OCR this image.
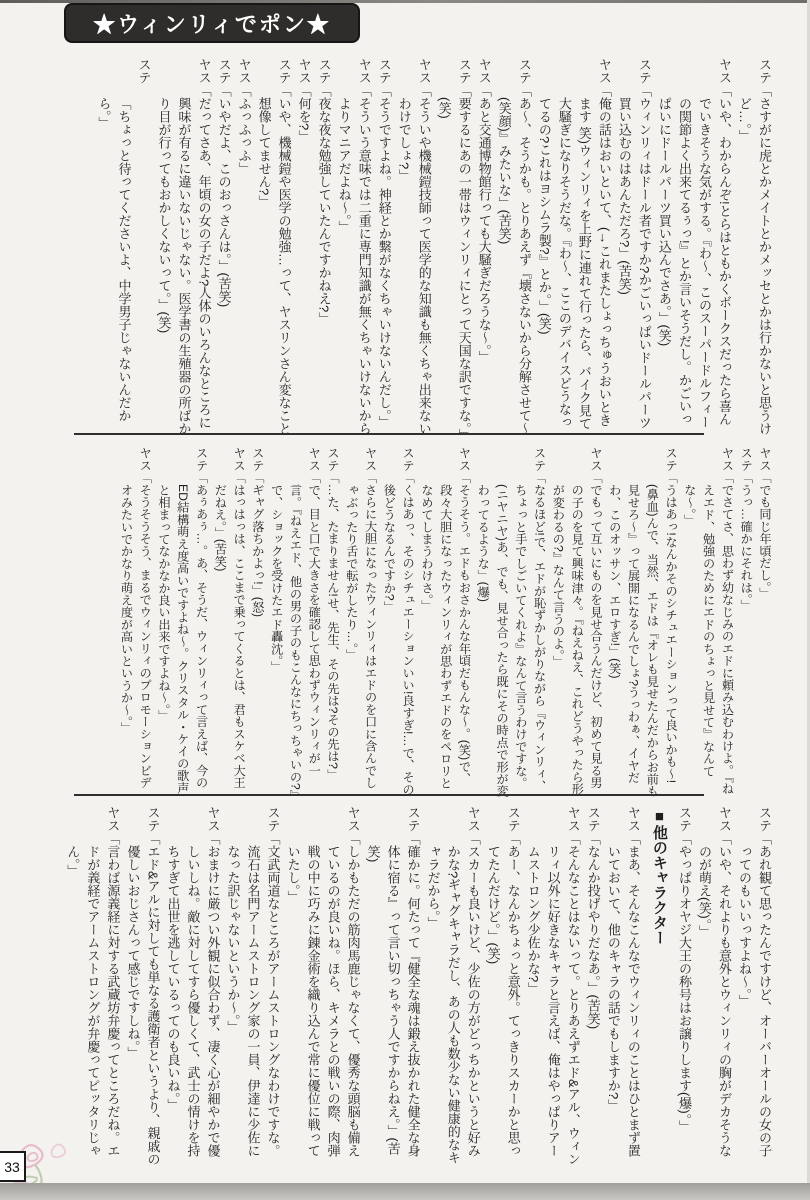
★ウィンリィでポン★
ステ「さすがに虎とかメイトとかメッセとかは行かないと思うけど…。」
ヤス「いや、わからんぞ!とらはともかくボークスだったら喜んでいきそうな気がする。『わ〜、このスーパードルフィーの関節よく出来てるぅっ!』とか言いそうだし。かごいっぱいにドールパーツ買い込んでさあ。」(笑)
ステ「ウィンリィはドール者ですか?かごいっぱいドールパーツ買い込むのはあんただろ?」(苦笑)
ヤス「俺の話はおいといて、(→これまたしょっちゅうおいときます 笑)ウィンリィを上野に連れて行ったら、バイク見て大騒ぎになりそうだな。『わ〜、ここのデバイスどうなってるの?これはヨシムラ製?』とか。」(笑)
ステ「あ〜、そうかも。とりあえず『壊さないから分解させて〜(笑顔)』みたいな」(苦笑)
ヤス「あと交通博物館行っても大騒ぎだろうな〜。」
ステ「要するにあの一帯はウィンリィにとって天国な訳ですな。」(笑)
ヤス「そういや機械鎧技師って医学的な知識も無くちゃ出来ないわけでしょ?」
ステ「そうですよね。神経とか繋がなくちゃいけないんだし。」
ヤス「そういう意味では二重に専門知識が無くちゃいけないからよりマニアだよね〜。」
ステ「夜な夜な勉強していたんですかねえ?」
ヤス「何を?」
ステ「いや、機械鎧や医学の勉強…って、ヤスリンさん変なこと想像してません?」
ヤス「ふっふっふ」
ステ「いやだよ、このおっさんは。」(苦笑)
ヤス「だってさあ、年頃の女の子だよ?人体のいろんなところに興味が有るに違いないじゃない。医学書の生殖器の所ばかり目が行ってもおかしくないって。」(笑)
ステ「ちょっと待ってくださいよ、中学男子じゃないんだから。」
ヤス「でも同じ年頃だし。」
ステ「うっ…確かにそれは。」
ヤス「でさてさ、思わず幼なじみのエドに頼み込むわけよ。『ねえエド、勉強のためにエドのちょっと見せて』なんてな〜。」
ステ「うはあっ!なんかそのシチュエーションって良いかも〜!(鼻血)んで、当然、エドは『オレも見せたんだからお前も見せろ〜』って展開になるんでしょ?うっわぁ、イヤだわ、このオッサン、エロすぎ!」(笑)
ヤス「でもって互いにものを見せ合うんだけど、初めて見る男の子のを見て興味津々。『ねえねえ、これどうやったら形が変わるの?』なんて言うのよ。」
ステ「なるほど!で、エドが恥ずかしがりながら『ウィンリィ、ちょっと手でしごいてくれよ』なんて言うわけですな。(ニヤニヤ)あ、でも、見せ合ったら既にその時点で形が変わってるような」(爆)
ヤス「そうそう。エドもおさかんな年頃だもんな〜。(笑)で、段々大胆になったウィンリィが思わずエドのをペロリとなめてしまうわけさ。」
ステ「くはあっ、そのシチュエーションいい!良すぎ!…で、その後どうなるんですか?」
ヤス「さらに大胆になったウィンリィはエドのを口に含んでしゃぶったり舌で転がしたり…。」
ステ「…た、たまりません!せ、先生、その先は?その先は?」
ヤス「で、目と口で大きさを確認して思わずウィンリィが一言。『ねえエド、他の男の子のもこんなにちっちゃいの?』で、ショックを受けたエド轟沈。」
ステ「ギャグ落ちかよっ!」(怒)
ヤス「はっはっは、ここまで乗ってくるとは、君もスケベ大王だねえ。」(苦笑)
ステ「あぅあぅ…。あ、そうだ、ウィンリィって言えば、今のED結構萌え度高いですよね〜。クリスタル・ケイの歌声と相まってなかなか良い出来ですよね〜。」
ヤス「そうそうそう、まるでウィンリィのプロモーションビデオみたいでかなり萌え度が高いというか〜。」
ステ「あれ観て思ったんですけど、オーバーオールの女の子ってのもいいっすよね〜。」
ヤス「いや、それよりも意外とウィンリィの胸がデカそうなのが萌え(笑)。」
ステ「やっぱりオヤジ大王の称号はお譲りします(爆)。」
■他のキャラクター
ヤス「まあ、そんなこんなでウィンリィのことはひとまず置いておいて、他のキャラの話でもしますか?」
ステ「なんか投げやりだなあ。」(苦笑)
ヤス「そんなことはないって。とりあえずエド&アル、ウィンリィ以外に好きなキャラと言えば、俺はやっぱりアームストロング少佐かな?」
ステ「あー、なんかちょっと意外。てっきりスカーかと思ってたんだけど。」(笑)
ヤス「スカーも良いけど、少佐の方がどっちかというと好みかな?ギャグキャラだし、あの人も数少ない健康的なキャラだから。」
ステ「確かに。何たって『健全な魂は鍛え抜かれた健全な身体に宿る』って言い切っちゃう人ですからねえ。」(苦笑)
ヤス「しかもただの筋肉馬鹿じゃなくて、優秀な頭脳も備えているのが良いね。ほら、キメラとの戦いの際、肉弾戦の中に巧みに錬金術を織り込んで常に優位に戦っていたし。」
ステ「文武両道なところがアームストロングなわけですな。流石は名門アームストロング家の一員、伊達に少佐になった訳じゃないというか〜。」
ヤス「おまけに厳つい外観に似合わず、凄く心が細やかで優しいしね。敵に対してすら優しくて、武士の情けを持ちすぎて出世を逃しているってのも良いね。」
ステ「エド&アルに対しても単なる護衛者というより、親戚の優しいおじさんって感じですしね。」
ヤス「言わば源義経に対する武蔵坊弁慶ってところだね。エドが義経でアームストロングが弁慶ってピッタリじゃん。」
33
